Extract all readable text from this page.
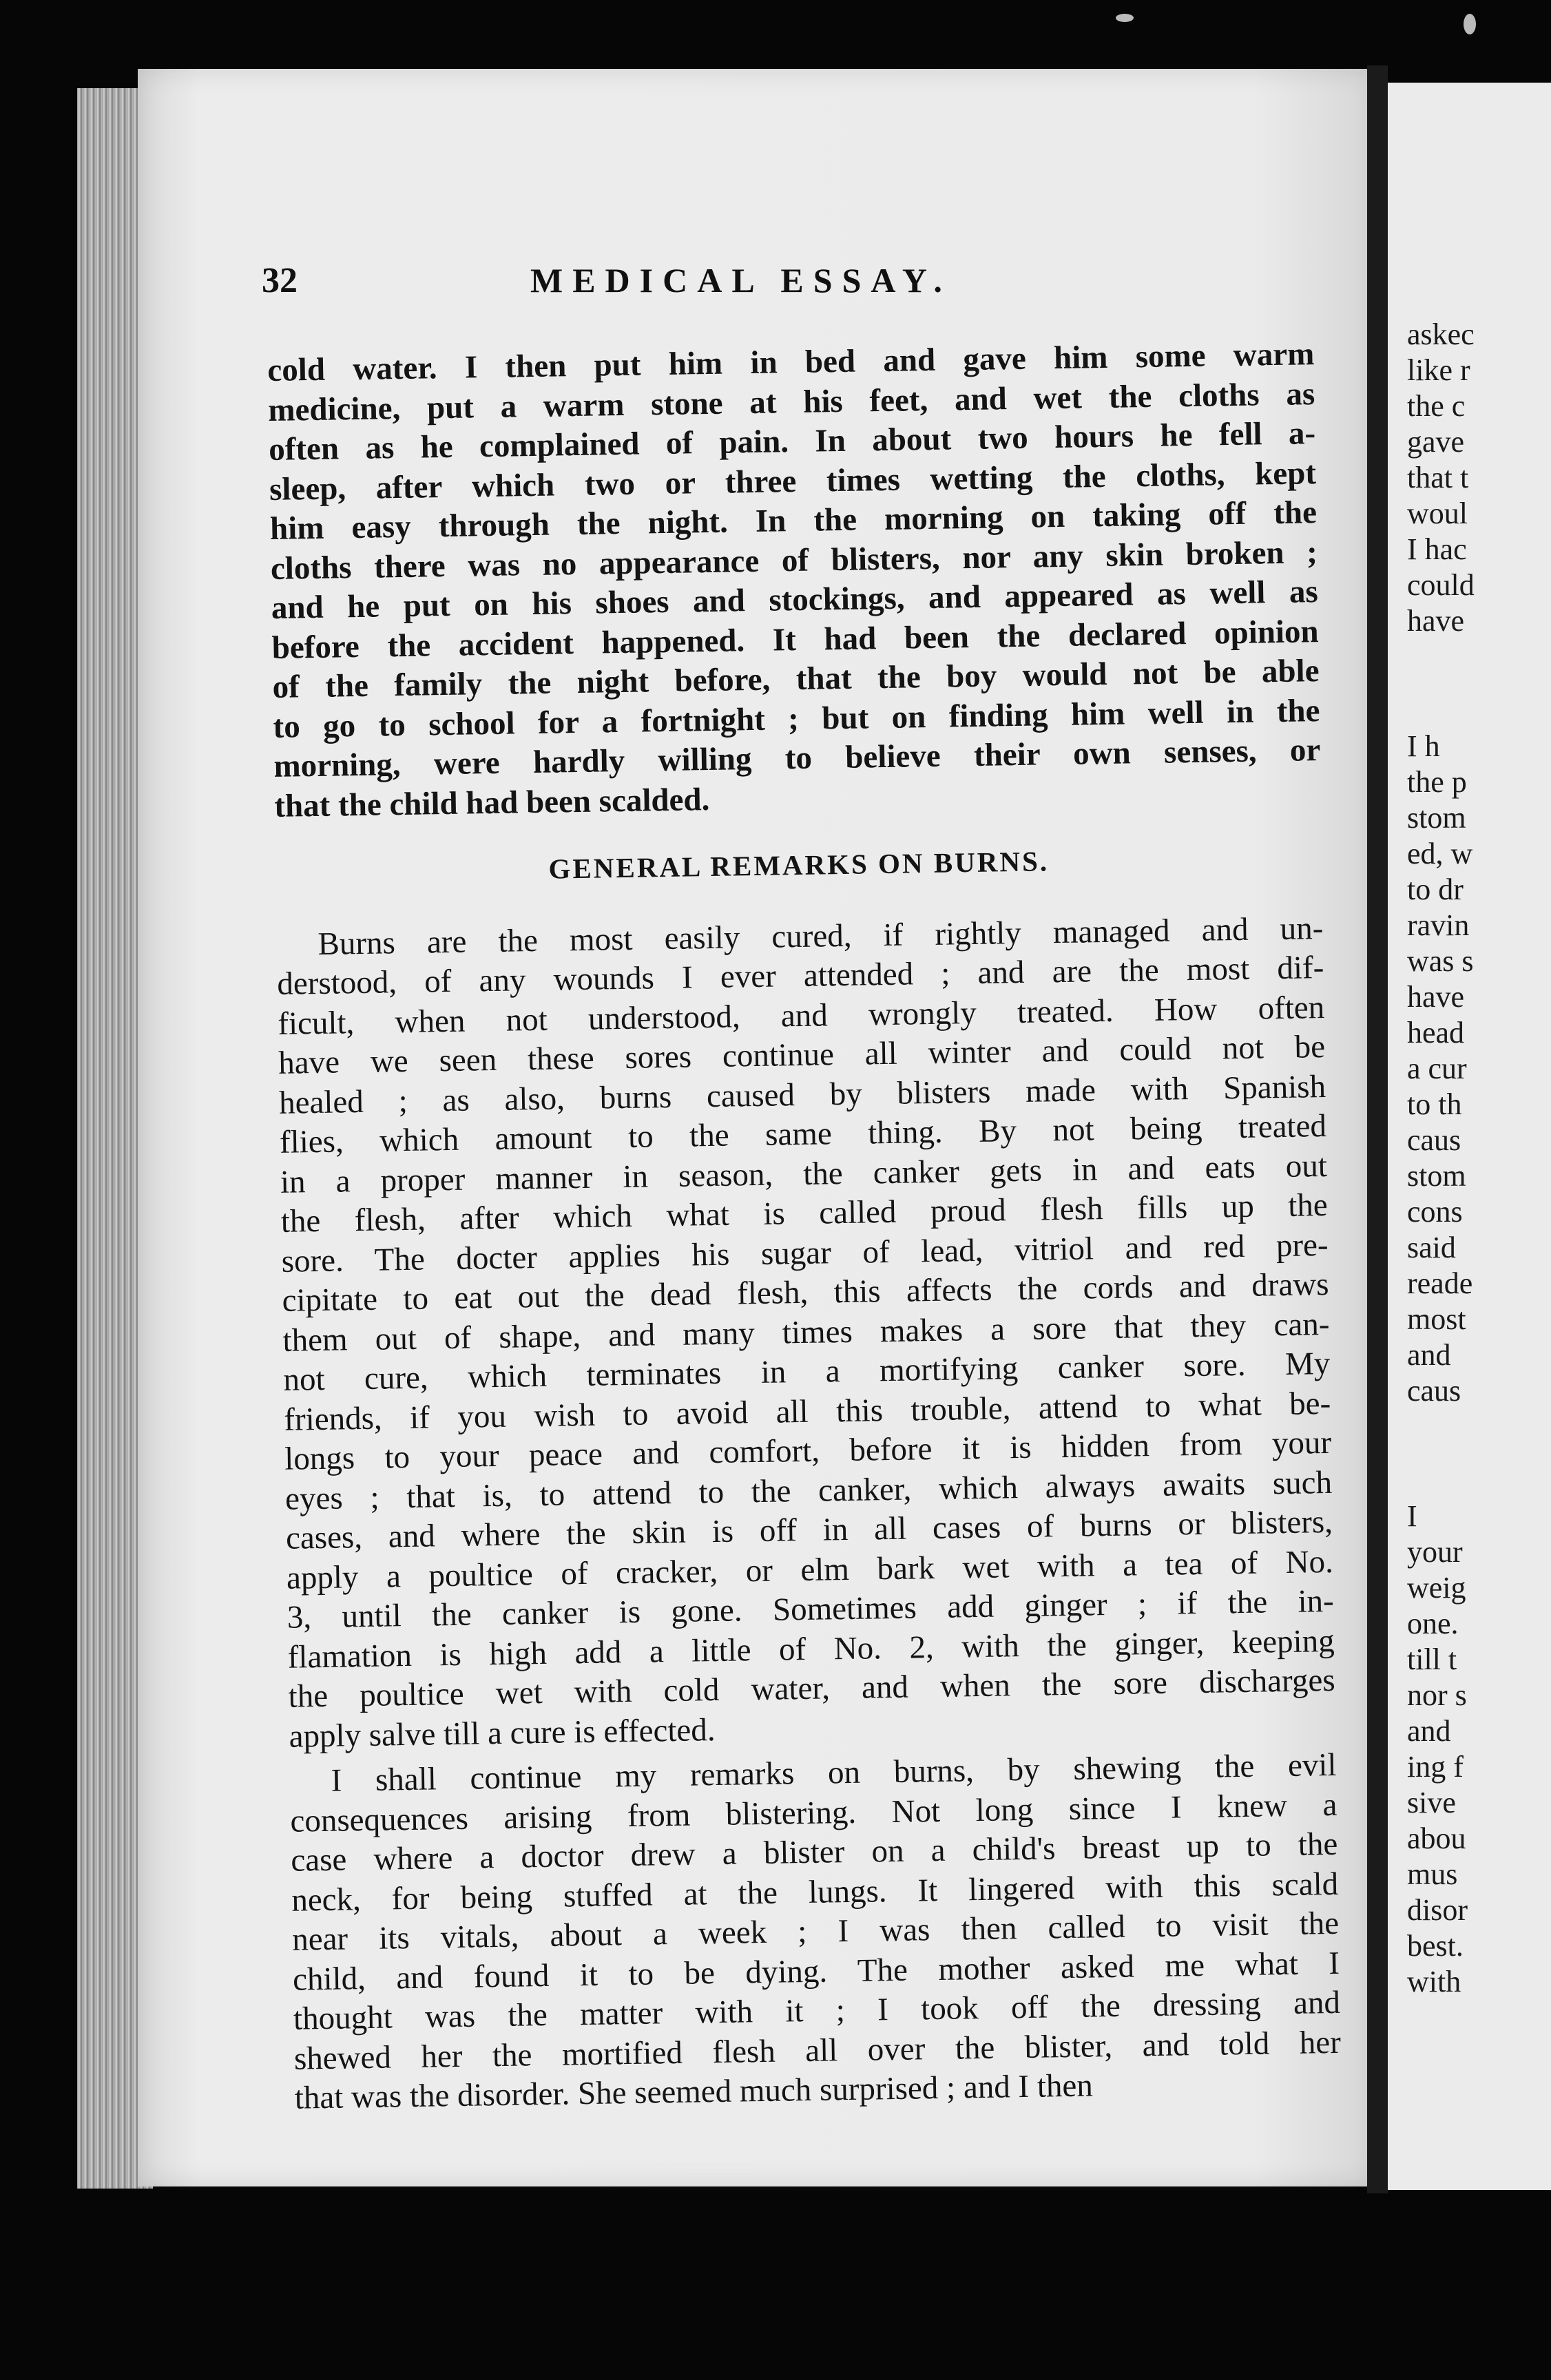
askec
like r
the c
gave
that t
woul
I hac
could
have
I h
the p
stom
ed, w
to dr
ravin
was s
have
head
a cur
to th
caus
stom
cons
said
reade
most
and
caus
I
your
weig
one.
till t
nor s
and
ing f
sive
abou
mus
disor
best.
with
32	MEDICAL ESSAY.
cold water. I then put him in bed and gave him some warm
medicine, put a warm stone at his feet, and wet the cloths as
often as he complained of pain. In about two hours he fell a-
sleep, after which two or three times wetting the cloths, kept
him easy through the night. In the morning on taking off the
cloths there was no appearance of blisters, nor any skin broken ;
and he put on his shoes and stockings, and appeared as well as
before the accident happened. It had been the declared opinion
of the family the night before, that the boy would not be able
to go to school for a fortnight ; but on finding him well in the
morning, were hardly willing to believe their own senses, or
that the child had been scalded.
GENERAL REMARKS ON BURNS.
Burns are the most easily cured, if rightly managed and un-
derstood, of any wounds I ever attended ; and are the most dif-
ficult, when not understood, and wrongly treated. How often
have we seen these sores continue all winter and could not be
healed ; as also, burns caused by blisters made with Spanish
flies, which amount to the same thing. By not being treated
in a proper manner in season, the canker gets in and eats out
the flesh, after which what is called proud flesh fills up the
sore. The docter applies his sugar of lead, vitriol and red pre-
cipitate to eat out the dead flesh, this affects the cords and draws
them out of shape, and many times makes a sore that they can-
not cure, which terminates in a mortifying canker sore. My
friends, if you wish to avoid all this trouble, attend to what be-
longs to your peace and comfort, before it is hidden from your
eyes ; that is, to attend to the canker, which always awaits such
cases, and where the skin is off in all cases of burns or blisters,
apply a poultice of cracker, or elm bark wet with a tea of No.
3, until the canker is gone. Sometimes add ginger ; if the in-
flamation is high add a little of No. 2, with the ginger, keeping
the poultice wet with cold water, and when the sore discharges
apply salve till a cure is effected.
I shall continue my remarks on burns, by shewing the evil
consequences arising from blistering. Not long since I knew a
case where a doctor drew a blister on a child's breast up to the
neck, for being stuffed at the lungs. It lingered with this scald
near its vitals, about a week ; I was then called to visit the
child, and found it to be dying. The mother asked me what I
thought was the matter with it ; I took off the dressing and
shewed her the mortified flesh all over the blister, and told her
that was the disorder. She seemed much surprised ; and I then
